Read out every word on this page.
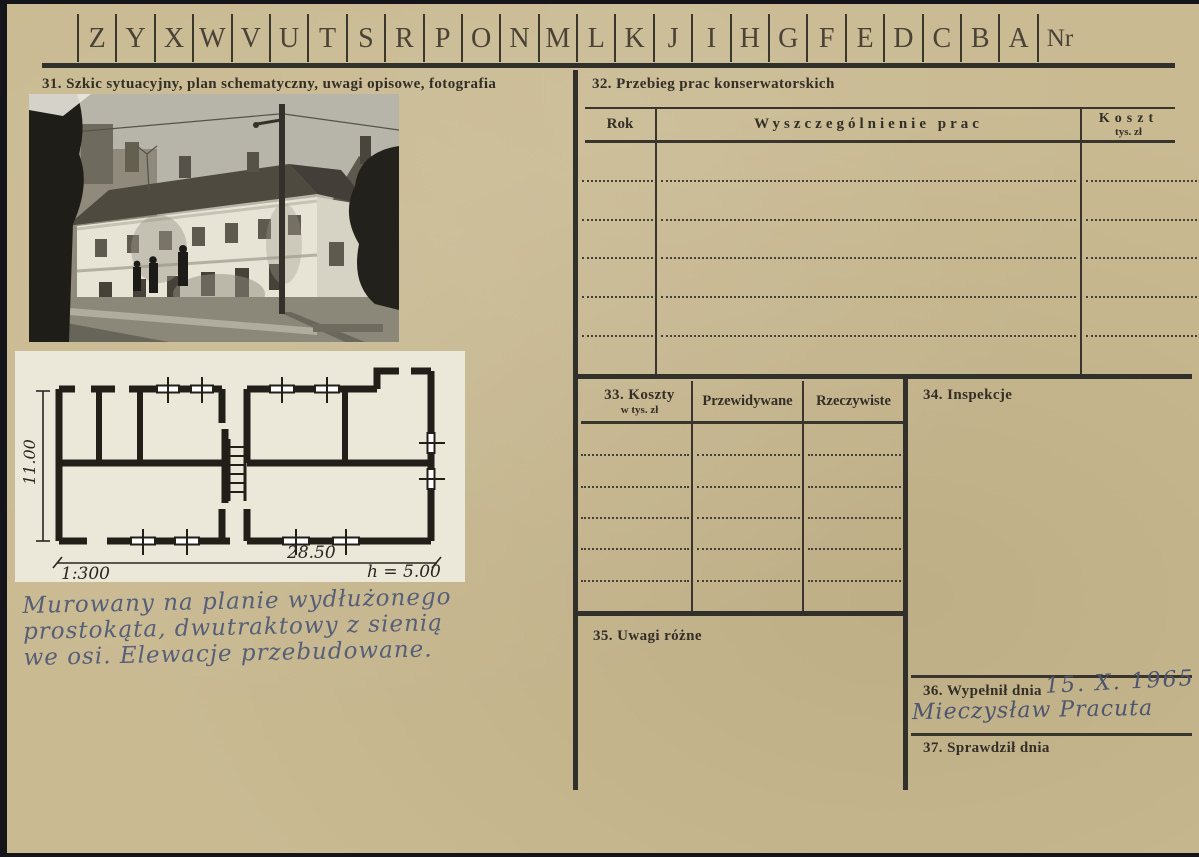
Z Y X W V U T S R P O N M L K J	I H G F E D C B A Nr
31. Szkic sytuacyjny, plan schematyczny, uwagi opisowe, fotografia
11.00
28.50
1:300	h = 5.00
Murowany na planie wydłużonego
prostokąta, dwutraktowy z sienią
we osi. Elewacje przebudowane.
32. Przebieg prac konserwatorskich
Rok	Wyszczególnienie prac	Koszt
tys. zł
33. Koszty
w tys. zł
Przewidywane	Rzeczywiste	34. Inspekcje
35. Uwagi różne
36. Wypełnił dnia 15. X. 1965
Mieczysław Pracuta
37. Sprawdził dnia
